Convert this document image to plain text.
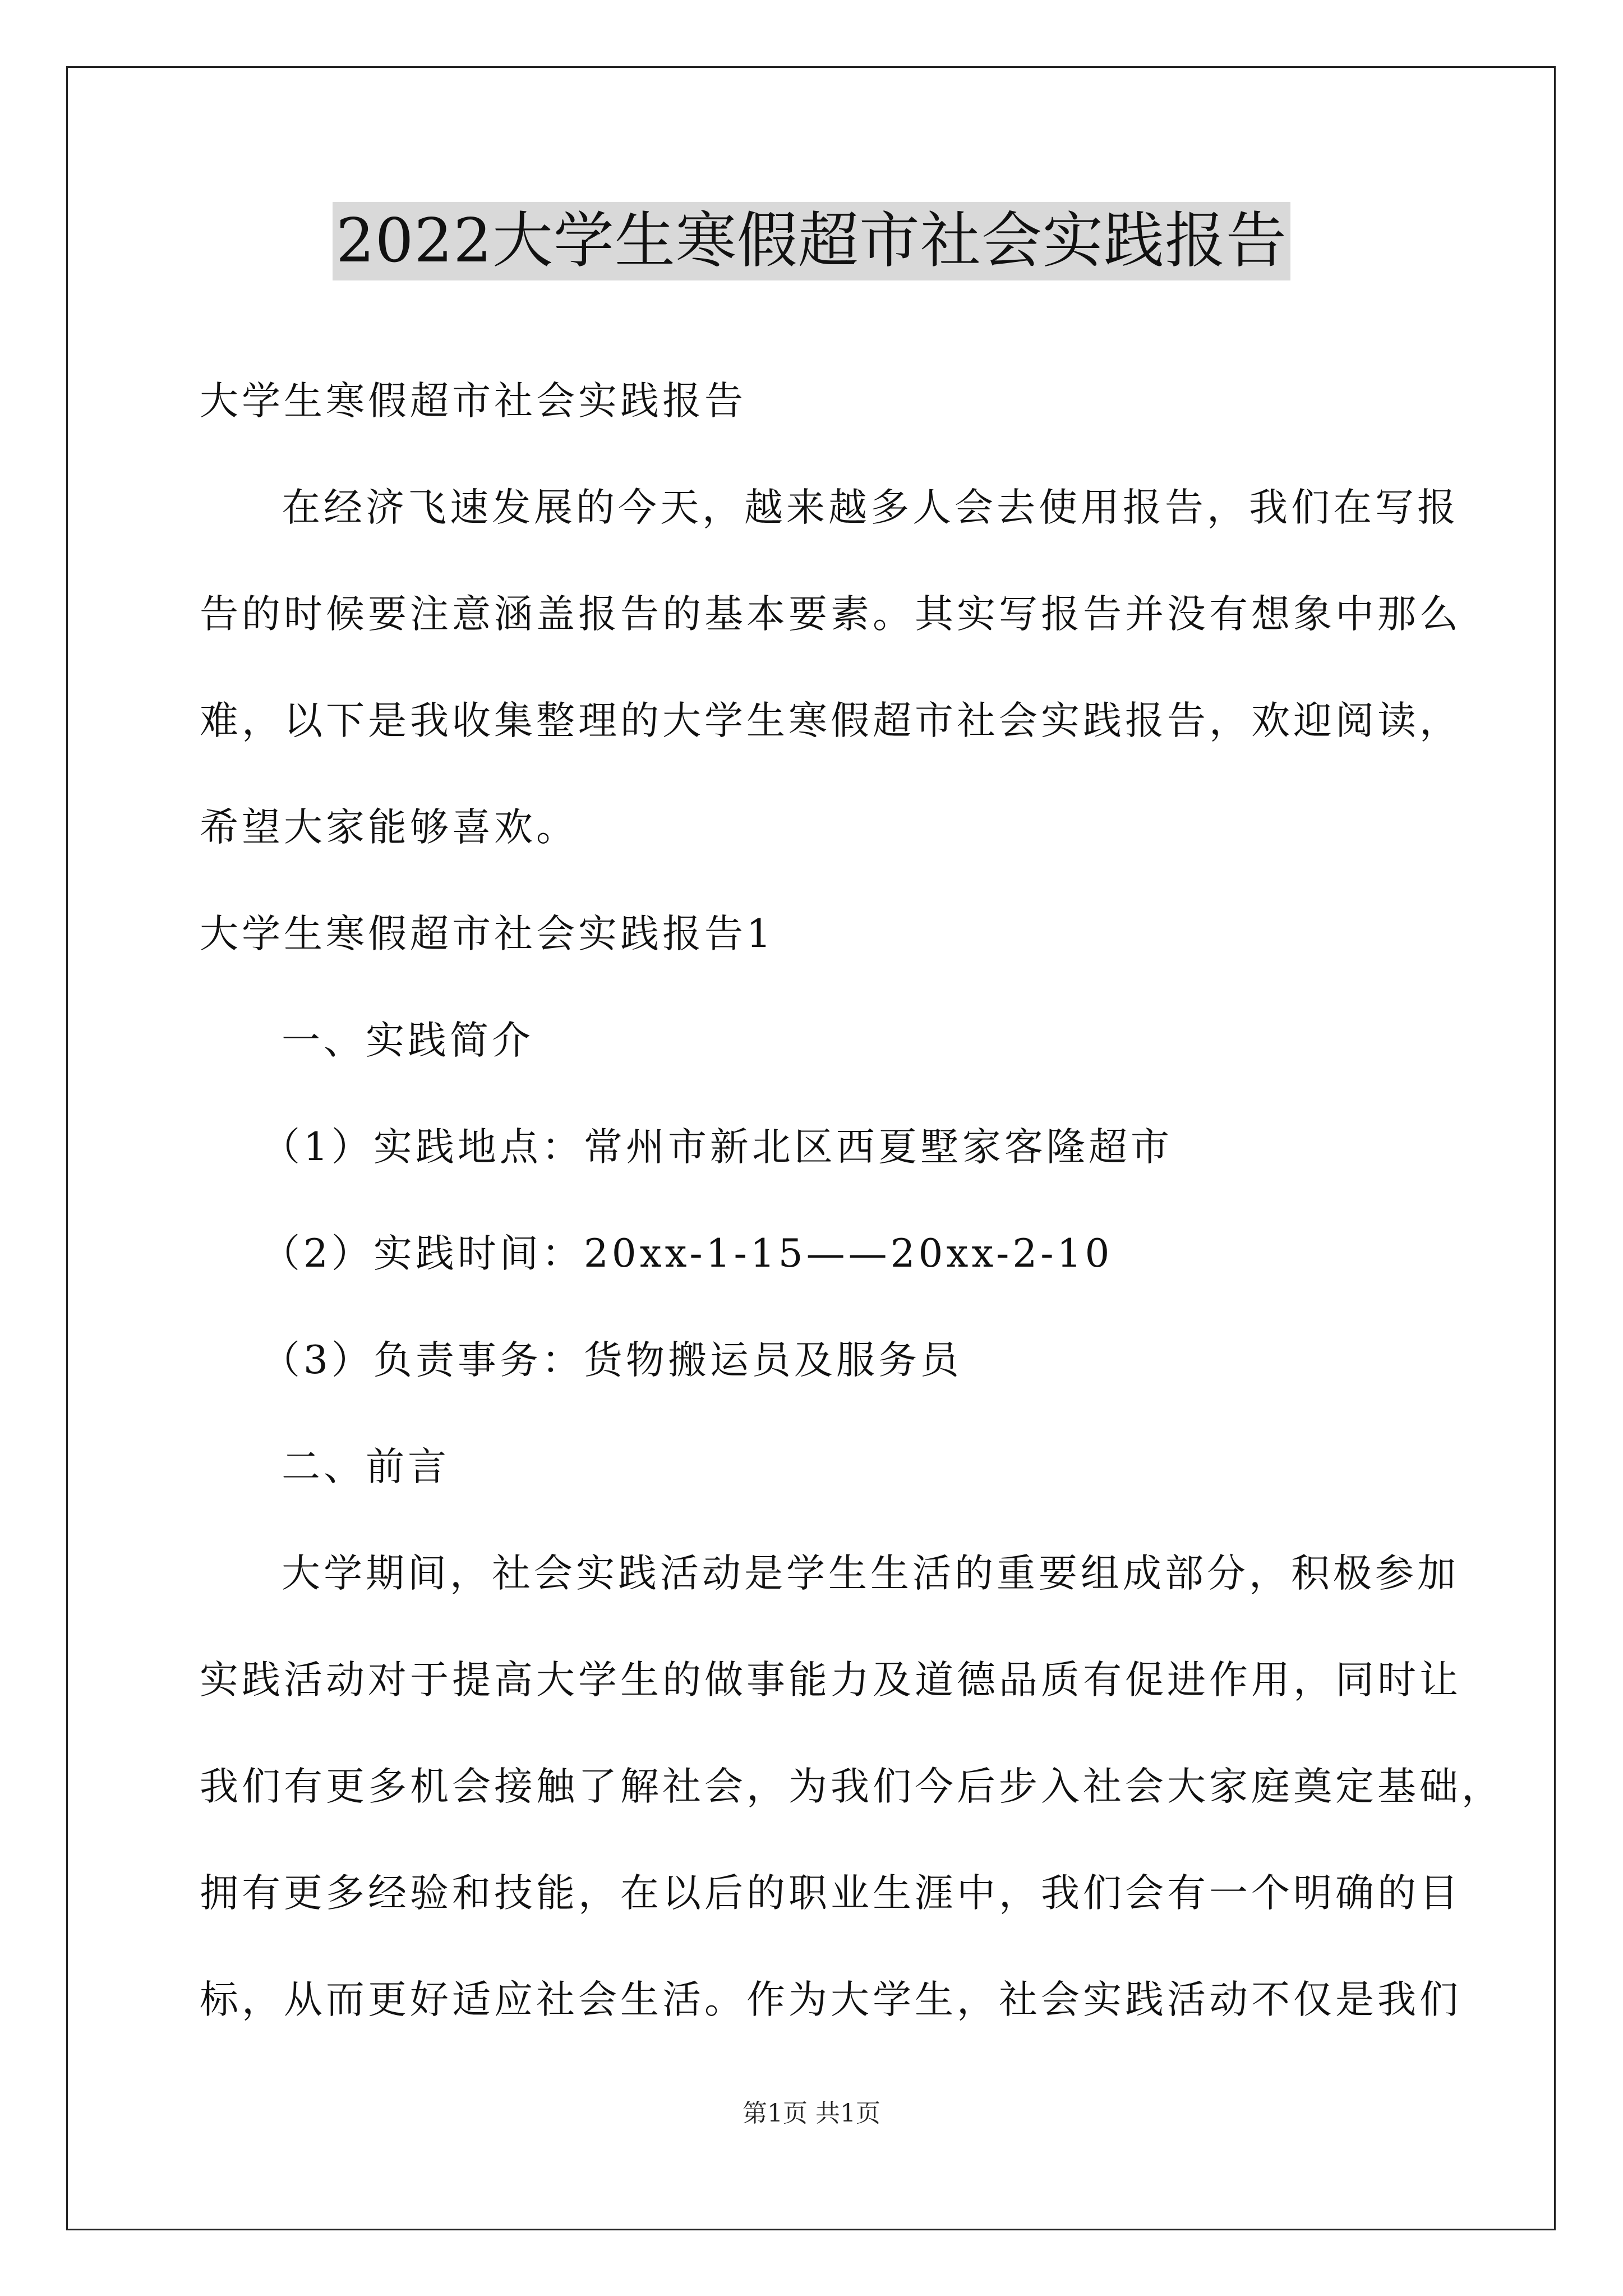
2022大学生寒假超市社会实践报告
大学生寒假超市社会实践报告
在经济飞速发展的今天，越来越多人会去使用报告，我们在写报
告的时候要注意涵盖报告的基本要素。其实写报告并没有想象中那么
难，以下是我收集整理的大学生寒假超市社会实践报告，欢迎阅读，
希望大家能够喜欢。
大学生寒假超市社会实践报告1
一、实践简介
（1）实践地点：常州市新北区西夏墅家客隆超市
（2）实践时间：20xx-1-15——20xx-2-10
（3）负责事务：货物搬运员及服务员
二、前言
大学期间，社会实践活动是学生生活的重要组成部分，积极参加
实践活动对于提高大学生的做事能力及道德品质有促进作用，同时让
我们有更多机会接触了解社会，为我们今后步入社会大家庭奠定基础，
拥有更多经验和技能，在以后的职业生涯中，我们会有一个明确的目
标，从而更好适应社会生活。作为大学生，社会实践活动不仅是我们
第1页 共1页
